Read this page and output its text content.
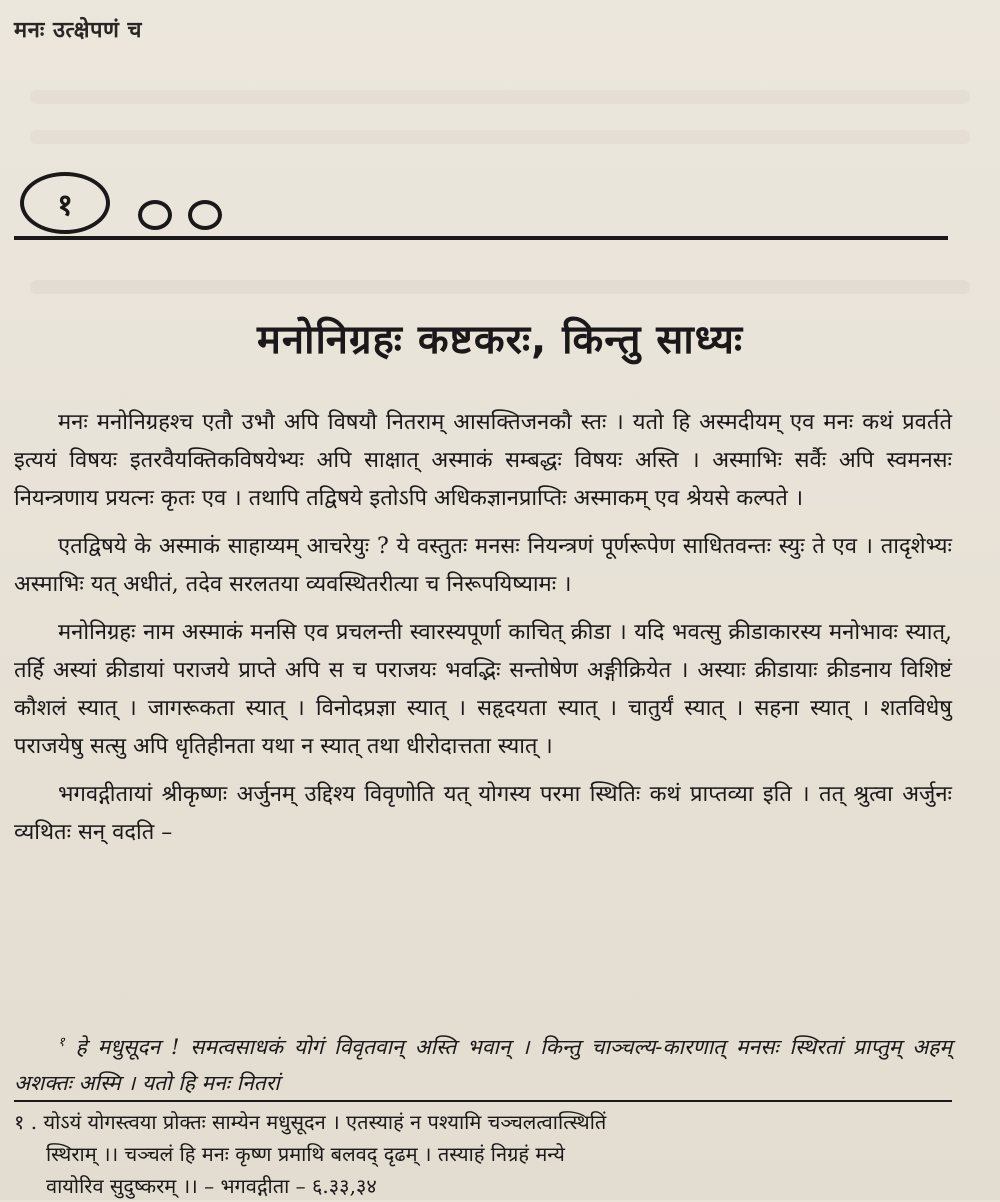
मनः उत्क्षेपणं च
१
मनोनिग्रहः कष्टकरः, किन्तु साध्यः

मनः मनोनिग्रहश्च एतौ उभौ अपि विषयौ नितराम् आसक्तिजनकौ स्तः । यतो हि अस्मदीयम् एव मनः कथं प्रवर्तते इत्ययं विषयः इतरवैयक्तिकविषयेभ्यः अपि साक्षात् अस्माकं सम्बद्धः विषयः अस्ति । अस्माभिः सर्वैः अपि स्वमनसः नियन्त्रणाय प्रयत्नः कृतः एव । तथापि तद्विषये इतोऽपि अधिकज्ञानप्राप्तिः अस्माकम् एव श्रेयसे कल्पते ।

एतद्विषये के अस्माकं साहाय्यम् आचरेयुः ? ये वस्तुतः मनसः नियन्त्रणं पूर्णरूपेण साधितवन्तः स्युः ते एव । तादृशेभ्यः अस्माभिः यत् अधीतं, तदेव सरलतया व्यवस्थितरीत्या च निरूपयिष्यामः ।

मनोनिग्रहः नाम अस्माकं मनसि एव प्रचलन्ती स्वारस्यपूर्णा काचित् क्रीडा । यदि भवत्सु क्रीडाकारस्य मनोभावः स्यात्, तर्हि अस्यां क्रीडायां पराजये प्राप्ते अपि स च पराजयः भवद्भिः सन्तोषेण अङ्गीक्रियेत । अस्याः क्रीडायाः क्रीडनाय विशिष्टं कौशलं स्यात् । जागरूकता स्यात् । विनोदप्रज्ञा स्यात् । सहृदयता स्यात् । चातुर्यं स्यात् । सहना स्यात् । शतविधेषु पराजयेषु सत्सु अपि धृतिहीनता यथा न स्यात् तथा धीरोदात्तता स्यात् ।

भगवद्गीतायां श्रीकृष्णः अर्जुनम् उद्दिश्य विवृणोति यत् योगस्य परमा स्थितिः कथं प्राप्तव्या इति । तत् श्रुत्वा अर्जुनः व्यथितः सन् वदति –

$^१$ हे मधुसूदन ! समत्वसाधकं योगं विवृतवान् अस्ति भवान् । किन्तु चाञ्चल्य-कारणात् मनसः स्थिरतां प्राप्तुम् अहम् अशक्तः अस्मि । यतो हि मनः नितरां
१ . योऽयं योगस्त्वया प्रोक्तः साम्येन मधुसूदन । एतस्याहं न पश्यामि चञ्चलत्वात्स्थितिं
स्थिराम् ।। चञ्चलं हि मनः कृष्ण प्रमाथि बलवद् दृढम् । तस्याहं निग्रहं मन्ये
वायोरिव सुदुष्करम् ।। – भगवद्गीता – ६.३३,३४
